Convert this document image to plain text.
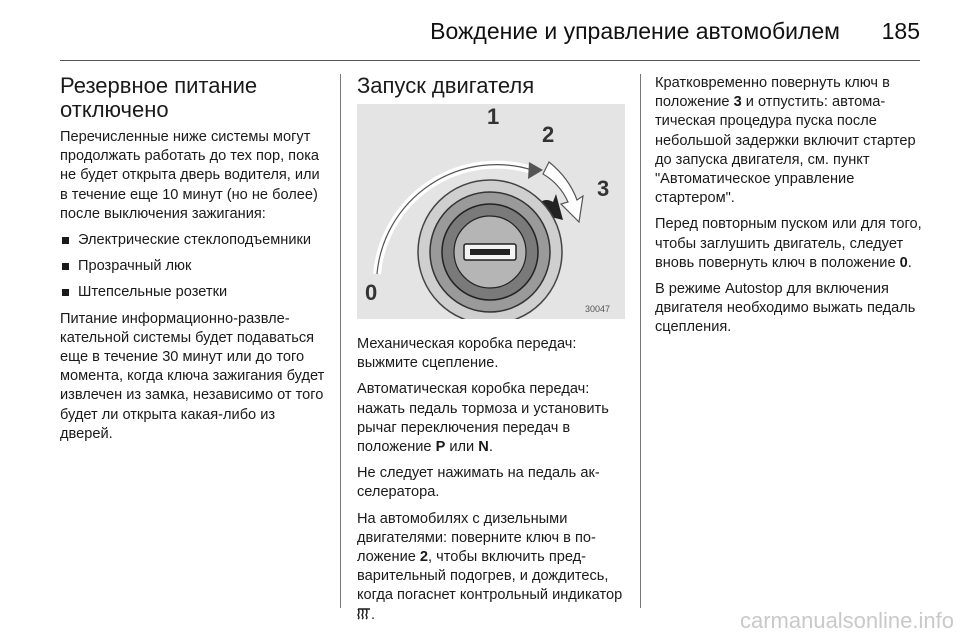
Вождение и управление автомобилем 185
Резервное питание отключено

Перечисленные ниже системы могут продолжать работать до тех пор, пока не будет открыта дверь водителя, или в течение еще 10 минут (но не более) после выключения зажигания:

Электрические стеклоподъемники
Прозрачный люк
Штепсельные розетки

Питание информационно-развлекательной системы будет подаваться еще в течение 30 минут или до того момента, когда ключа зажигания будет извлечен из замка, независимо от того будет ли открыта какая-либо из дверей.

Запуск двигателя
1
2
3
0
30047

Механическая коробка передач: выжмите сцепление.

Автоматическая коробка передач: нажать педаль тормоза и установить рычаг переключения передач в положение P или N.

Не следует нажимать на педаль акселератора.

На автомобилях с дизельными двигателями: поверните ключ в положение 2, чтобы включить предварительный подогрев, и дождитесь, когда погаснет контрольный индикатор .

Кратковременно повернуть ключ в положение 3 и отпустить: автоматическая процедура пуска после небольшой задержки включит стартер до запуска двигателя, см. пункт "Автоматическое управление стартером".

Перед повторным пуском или для того, чтобы заглушить двигатель, следует вновь повернуть ключ в положение 0.

В режиме Autostop для включения двигателя необходимо выжать педаль сцепления.

carmanualsonline.info
